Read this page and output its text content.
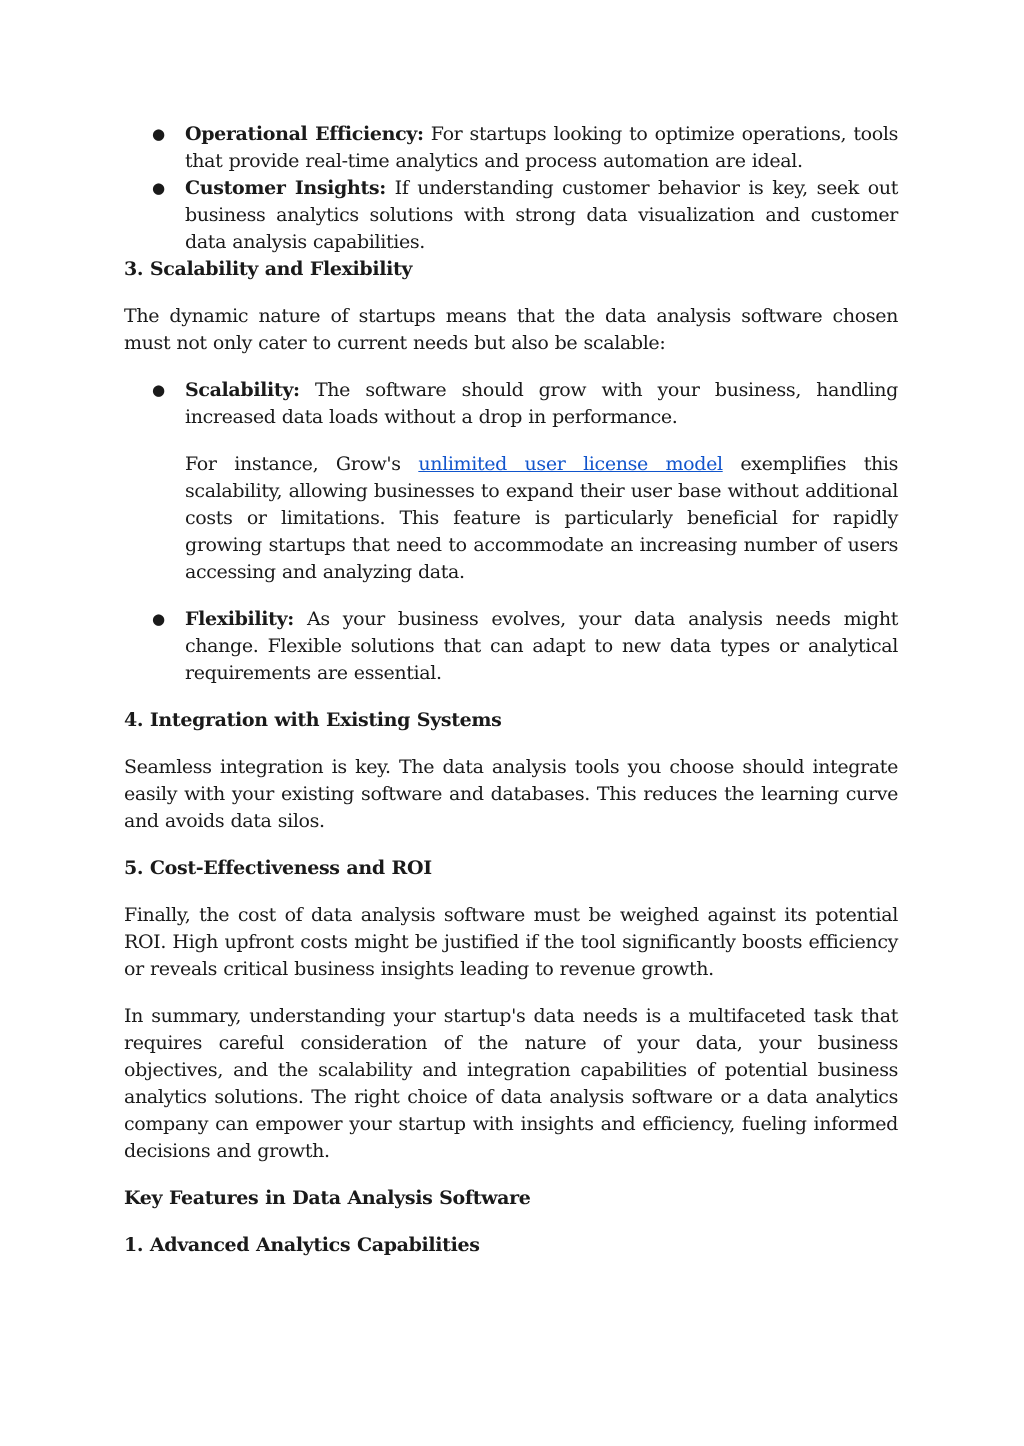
● Operational Efficiency: For startups looking to optimize operations, tools that provide real-time analytics and process automation are ideal.
● Customer Insights: If understanding customer behavior is key, seek out business analytics solutions with strong data visualization and customer data analysis capabilities.

3. Scalability and Flexibility

The dynamic nature of startups means that the data analysis software chosen must not only cater to current needs but also be scalable:

● Scalability: The software should grow with your business, handling increased data loads without a drop in performance.

For instance, Grow's unlimited user license model exemplifies this scalability, allowing businesses to expand their user base without additional costs or limitations. This feature is particularly beneficial for rapidly growing startups that need to accommodate an increasing number of users accessing and analyzing data.

● Flexibility: As your business evolves, your data analysis needs might change. Flexible solutions that can adapt to new data types or analytical requirements are essential.

4. Integration with Existing Systems

Seamless integration is key. The data analysis tools you choose should integrate easily with your existing software and databases. This reduces the learning curve and avoids data silos.

5. Cost-Effectiveness and ROI

Finally, the cost of data analysis software must be weighed against its potential ROI. High upfront costs might be justified if the tool significantly boosts efficiency or reveals critical business insights leading to revenue growth.

In summary, understanding your startup's data needs is a multifaceted task that requires careful consideration of the nature of your data, your business objectives, and the scalability and integration capabilities of potential business analytics solutions. The right choice of data analysis software or a data analytics company can empower your startup with insights and efficiency, fueling informed decisions and growth.

Key Features in Data Analysis Software

1. Advanced Analytics Capabilities
